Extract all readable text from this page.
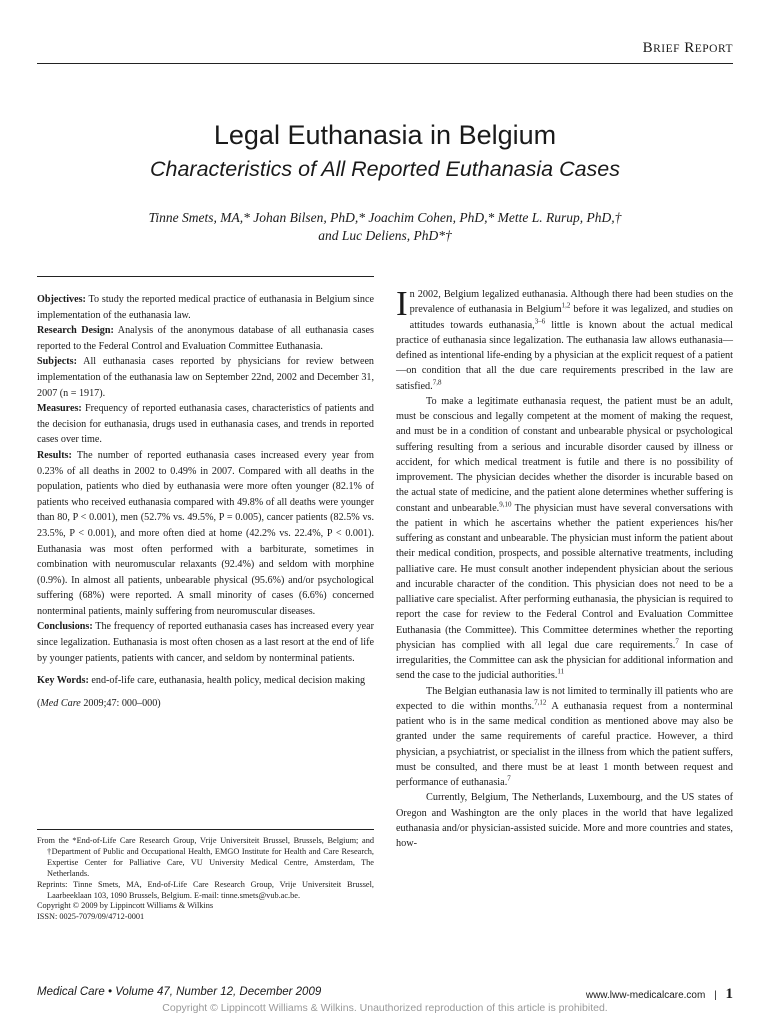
BRIEF REPORT
Legal Euthanasia in Belgium
Characteristics of All Reported Euthanasia Cases
Tinne Smets, MA,* Johan Bilsen, PhD,* Joachim Cohen, PhD,* Mette L. Rurup, PhD,†
and Luc Deliens, PhD*†

Objectives: To study the reported medical practice of euthanasia in Belgium since implementation of the euthanasia law.

Research Design: Analysis of the anonymous database of all euthanasia cases reported to the Federal Control and Evaluation Committee Euthanasia.

Subjects: All euthanasia cases reported by physicians for review between implementation of the euthanasia law on September 22nd, 2002 and December 31, 2007 (n = 1917).

Measures: Frequency of reported euthanasia cases, characteristics of patients and the decision for euthanasia, drugs used in euthanasia cases, and trends in reported cases over time.

Results: The number of reported euthanasia cases increased every year from 0.23% of all deaths in 2002 to 0.49% in 2007. Compared with all deaths in the population, patients who died by euthanasia were more often younger (82.1% of patients who received euthanasia compared with 49.8% of all deaths were younger than 80, P < 0.001), men (52.7% vs. 49.5%, P = 0.005), cancer patients (82.5% vs. 23.5%, P < 0.001), and more often died at home (42.2% vs. 22.4%, P < 0.001). Euthanasia was most often performed with a barbiturate, sometimes in combination with neuromuscular relaxants (92.4%) and seldom with morphine (0.9%). In almost all patients, unbearable physical (95.6%) and/or psychological suffering (68%) were reported. A small minority of cases (6.6%) concerned nonterminal patients, mainly suffering from neuromuscular diseases.

Conclusions: The frequency of reported euthanasia cases has increased every year since legalization. Euthanasia is most often chosen as a last resort at the end of life by younger patients, patients with cancer, and seldom by nonterminal patients.

Key Words: end-of-life care, euthanasia, health policy, medical decision making

(Med Care 2009;47: 000–000)

From the *End-of-Life Care Research Group, Vrije Universiteit Brussel, Brussels, Belgium; and †Department of Public and Occupational Health, EMGO Institute for Health and Care Research, Expertise Center for Palliative Care, VU University Medical Centre, Amsterdam, The Netherlands.

Reprints: Tinne Smets, MA, End-of-Life Care Research Group, Vrije Universiteit Brussel, Laarbeeklaan 103, 1090 Brussels, Belgium. E-mail: tinne.smets@vub.ac.be.

Copyright © 2009 by Lippincott Williams & Wilkins

ISSN: 0025-7079/09/4712-0001

In 2002, Belgium legalized euthanasia. Although there had been studies on the prevalence of euthanasia in Belgium$^{1,2}$ before it was legalized, and studies on attitudes towards euthanasia,$^{3-6}$ little is known about the actual medical practice of euthanasia since legalization. The euthanasia law allows euthanasia—defined as intentional life-ending by a physician at the explicit request of a patient—on condition that all the due care requirements prescribed in the law are satisfied.$^{7,8}$

To make a legitimate euthanasia request, the patient must be an adult, must be conscious and legally competent at the moment of making the request, and must be in a condition of constant and unbearable physical or psychological suffering resulting from a serious and incurable disorder caused by illness or accident, for which medical treatment is futile and there is no possibility of improvement. The physician decides whether the disorder is incurable based on the actual state of medicine, and the patient alone determines whether suffering is constant and unbearable.$^{9,10}$ The physician must have several conversations with the patient in which he ascertains whether the patient experiences his/her suffering as constant and unbearable. The physician must inform the patient about their medical condition, prospects, and possible alternative treatments, including palliative care. He must consult another independent physician about the serious and incurable character of the condition. This physician does not need to be a palliative care specialist. After performing euthanasia, the physician is required to report the case for review to the Federal Control and Evaluation Committee Euthanasia (the Committee). This Committee determines whether the reporting physician has complied with all legal due care requirements.$^7$ In case of irregularities, the Committee can ask the physician for additional information and send the case to the judicial authorities.$^{11}$

The Belgian euthanasia law is not limited to terminally ill patients who are expected to die within months.$^{7,12}$ A euthanasia request from a nonterminal patient who is in the same medical condition as mentioned above may also be granted under the same requirements of careful practice. However, a third physician, a psychiatrist, or specialist in the illness from which the patient suffers, must be consulted, and there must be at least 1 month between request and performance of euthanasia.$^7$

Currently, Belgium, The Netherlands, Luxembourg, and the US states of Oregon and Washington are the only places in the world that have legalized euthanasia and/or physician-assisted suicide. More and more countries and states, how-

Medical Care • Volume 47, Number 12, December 2009	www.lww-medicalcare.com | 1
Copyright © Lippincott Williams & Wilkins. Unauthorized reproduction of this article is prohibited.
